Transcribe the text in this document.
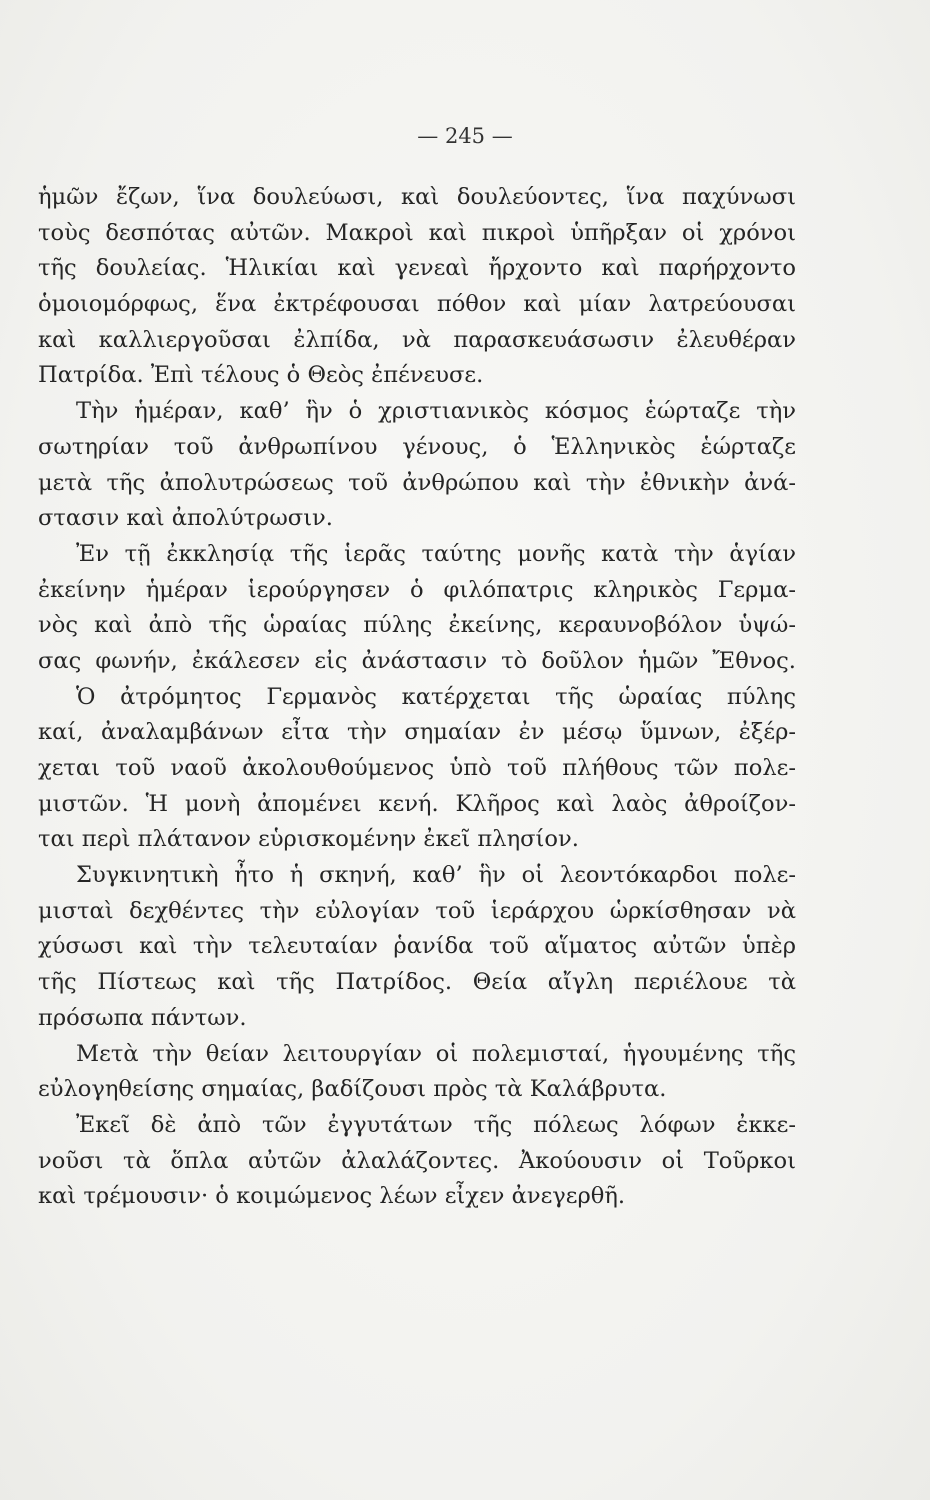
— 245 —
ἡμῶν ἔζων, ἵνα δουλεύωσι, καὶ δουλεύοντες, ἵνα παχύνωσι
τοὺς δεσπότας αὐτῶν. Μακροὶ καὶ πικροὶ ὑπῆρξαν οἱ χρόνοι
τῆς δουλείας. Ἡλικίαι καὶ γενεαὶ ἤρχοντο καὶ παρήρχοντο
ὁμοιομόρφως, ἕνα ἐκτρέφουσαι πόθον καὶ μίαν λατρεύουσαι
καὶ καλλιεργοῦσαι ἐλπίδα, νὰ παρασκευάσωσιν ἐλευθέραν
Πατρίδα. Ἐπὶ τέλους ὁ Θεὸς ἐπένευσε.
Τὴν ἡμέραν, καθ’ ἣν ὁ χριστιανικὸς κόσμος ἑώρταζε τὴν
σωτηρίαν τοῦ ἀνθρωπίνου γένους, ὁ Ἑλληνικὸς ἑώρταζε
μετὰ τῆς ἀπολυτρώσεως τοῦ ἀνθρώπου καὶ τὴν ἐθνικὴν ἀνά-
στασιν καὶ ἀπολύτρωσιν.
Ἐν τῇ ἐκκλησίᾳ τῆς ἱερᾶς ταύτης μονῆς κατὰ τὴν ἁγίαν
ἐκείνην ἡμέραν ἱερούργησεν ὁ φιλόπατρις κληρικὸς Γερμα-
νὸς καὶ ἀπὸ τῆς ὡραίας πύλης ἐκείνης, κεραυνοβόλον ὑψώ-
σας φωνήν, ἐκάλεσεν εἰς ἀνάστασιν τὸ δοῦλον ἡμῶν Ἔθνος.
Ὁ ἀτρόμητος Γερμανὸς κατέρχεται τῆς ὡραίας πύλης
καί, ἀναλαμβάνων εἶτα τὴν σημαίαν ἐν μέσῳ ὕμνων, ἐξέρ-
χεται τοῦ ναοῦ ἀκολουθούμενος ὑπὸ τοῦ πλήθους τῶν πολε-
μιστῶν. Ἡ μονὴ ἀπομένει κενή. Κλῆρος καὶ λαὸς ἀθροίζον-
ται περὶ πλάτανον εὑρισκομένην ἐκεῖ πλησίον.
Συγκινητικὴ ἦτο ἡ σκηνή, καθ’ ἣν οἱ λεοντόκαρδοι πολε-
μισταὶ δεχθέντες τὴν εὐλογίαν τοῦ ἱεράρχου ὡρκίσθησαν νὰ
χύσωσι καὶ τὴν τελευταίαν ῥανίδα τοῦ αἵματος αὐτῶν ὑπὲρ
τῆς Πίστεως καὶ τῆς Πατρίδος. Θεία αἴγλη περιέλουε τὰ
πρόσωπα πάντων.
Μετὰ τὴν θείαν λειτουργίαν οἱ πολεμισταί, ἡγουμένης τῆς
εὐλογηθείσης σημαίας, βαδίζουσι πρὸς τὰ Καλάβρυτα.
Ἐκεῖ δὲ ἀπὸ τῶν ἐγγυτάτων τῆς πόλεως λόφων ἐκκε-
νοῦσι τὰ ὅπλα αὐτῶν ἀλαλάζοντες. Ἀκούουσιν οἱ Τοῦρκοι
καὶ τρέμουσιν· ὁ κοιμώμενος λέων εἶχεν ἀνεγερθῆ.
